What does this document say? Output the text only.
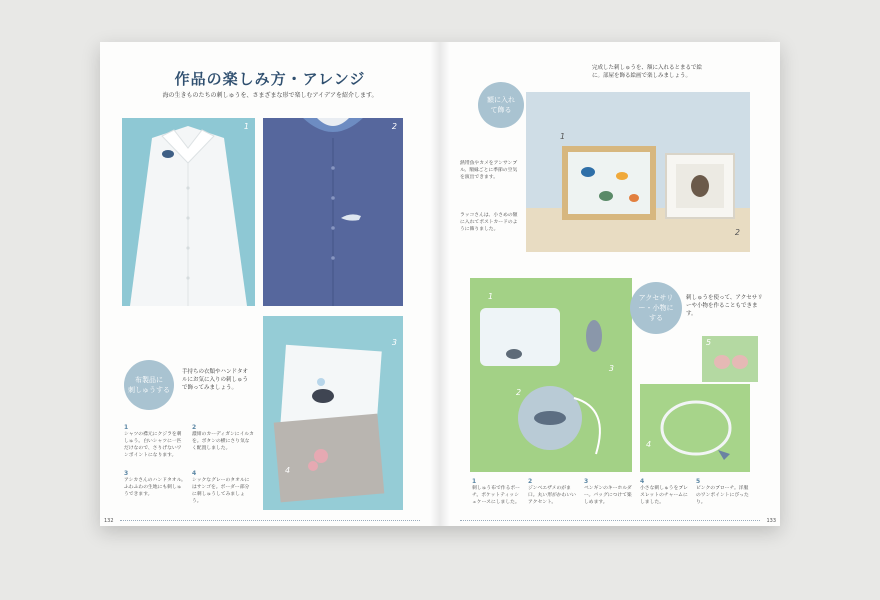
作品の楽しみ方・アレンジ
海の生きものたちの刺しゅうを、さまざまな形で楽しむアイデアを紹介します。
1	2
3
4
布製品に
刺しゅうする
手持ちの衣類やハンドタオルにお気に入りの刺しゅうで飾ってみましょう。
1
シャツの襟元にクジラを刺しゅう。白いシャツに一匹だけなので、さりげないワンポイントになります。
2
濃紺のカーディガンにイルカを。ボタンの横にさり気なく配置しました。
3
アシカさんのハンドタオル。ふわふわの生地にも刺しゅうできます。
4
シックなグレーのタオルにはサンゴを。ボーダー部分に刺しゅうしてみましょう。
132
1
2
額に入れて飾る
完成した刺しゅうを、額に入れるとまるで絵に。部屋を飾る絵画で楽しみましょう。
熱帯魚やカメをアンサンブル。額縁ごとに季節の空気を演出できます。
ラッコさんは、小さめの額に入れてポストカードのように飾りました。
1
2
3
アクセサリー・小物にする
刺しゅうを使って、アクセサリーや小物を作ることもできます。
5
4
1
刺しゅう布で作るポーチ。ポケットティッシュケースにしました。
2
ジンベエザメのがま口。丸い形がかわいいアクセント。
3
ペンギンのキーホルダー。バッグにつけて楽しめます。
4
小さな刺しゅうをブレスレットのチャームにしました。
5
ピンクのブローチ。洋服のワンポイントにぴったり。
133
